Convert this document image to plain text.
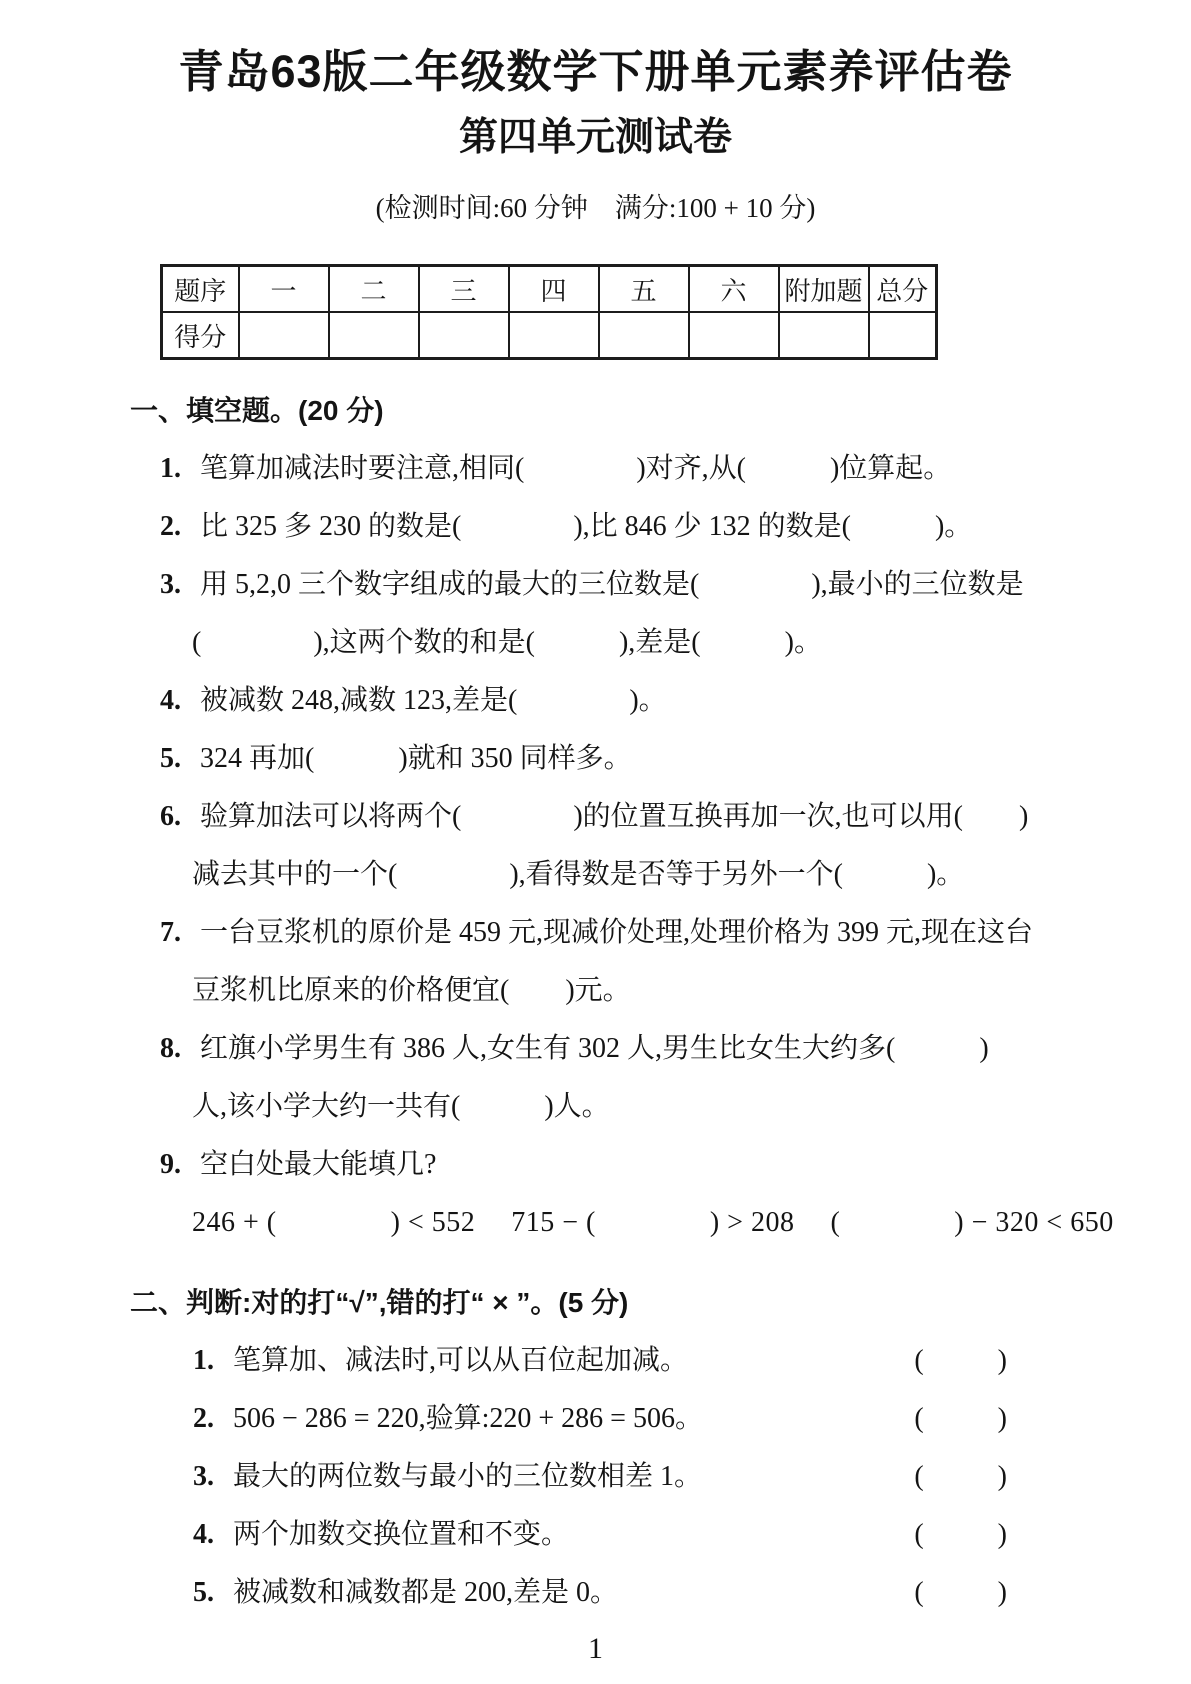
青岛63版二年级数学下册单元素养评估卷
第四单元测试卷
(检测时间:60 分钟　满分:100 + 10 分)
题序	一	二	三	四	五	六	附加题	总分
得分								
一、填空题。(20 分)
1. 笔算加减法时要注意,相同(　　　　)对齐,从(　　　)位算起。
2. 比 325 多 230 的数是(　　　　),比 846 少 132 的数是(　　　)。
3. 用 5,2,0 三个数字组成的最大的三位数是(　　　　),最小的三位数是
(　　　　),这两个数的和是(　　　),差是(　　　)。
4. 被减数 248,减数 123,差是(　　　　)。
5. 324 再加(　　　)就和 350 同样多。
6. 验算加法可以将两个(　　　　)的位置互换再加一次,也可以用(　　)
减去其中的一个(　　　　),看得数是否等于另外一个(　　　)。
7. 一台豆浆机的原价是 459 元,现减价处理,处理价格为 399 元,现在这台
豆浆机比原来的价格便宜(　　)元。
8. 红旗小学男生有 386 人,女生有 302 人,男生比女生大约多(　　　)
人,该小学大约一共有(　　　)人。
9. 空白处最大能填几?
246 + (　　　　) < 552　 715 − (　　　　) > 208　 (　　　　) − 320 < 650
二、判断:对的打“√”,错的打“ × ”。(5 分)
1. 笔算加、减法时,可以从百位起加减。	(　　)
2. 506 − 286 = 220,验算:220 + 286 = 506。	(　　)
3. 最大的两位数与最小的三位数相差 1。	(　　)
4. 两个加数交换位置和不变。	(　　)
5. 被减数和减数都是 200,差是 0。	(　　)
1
